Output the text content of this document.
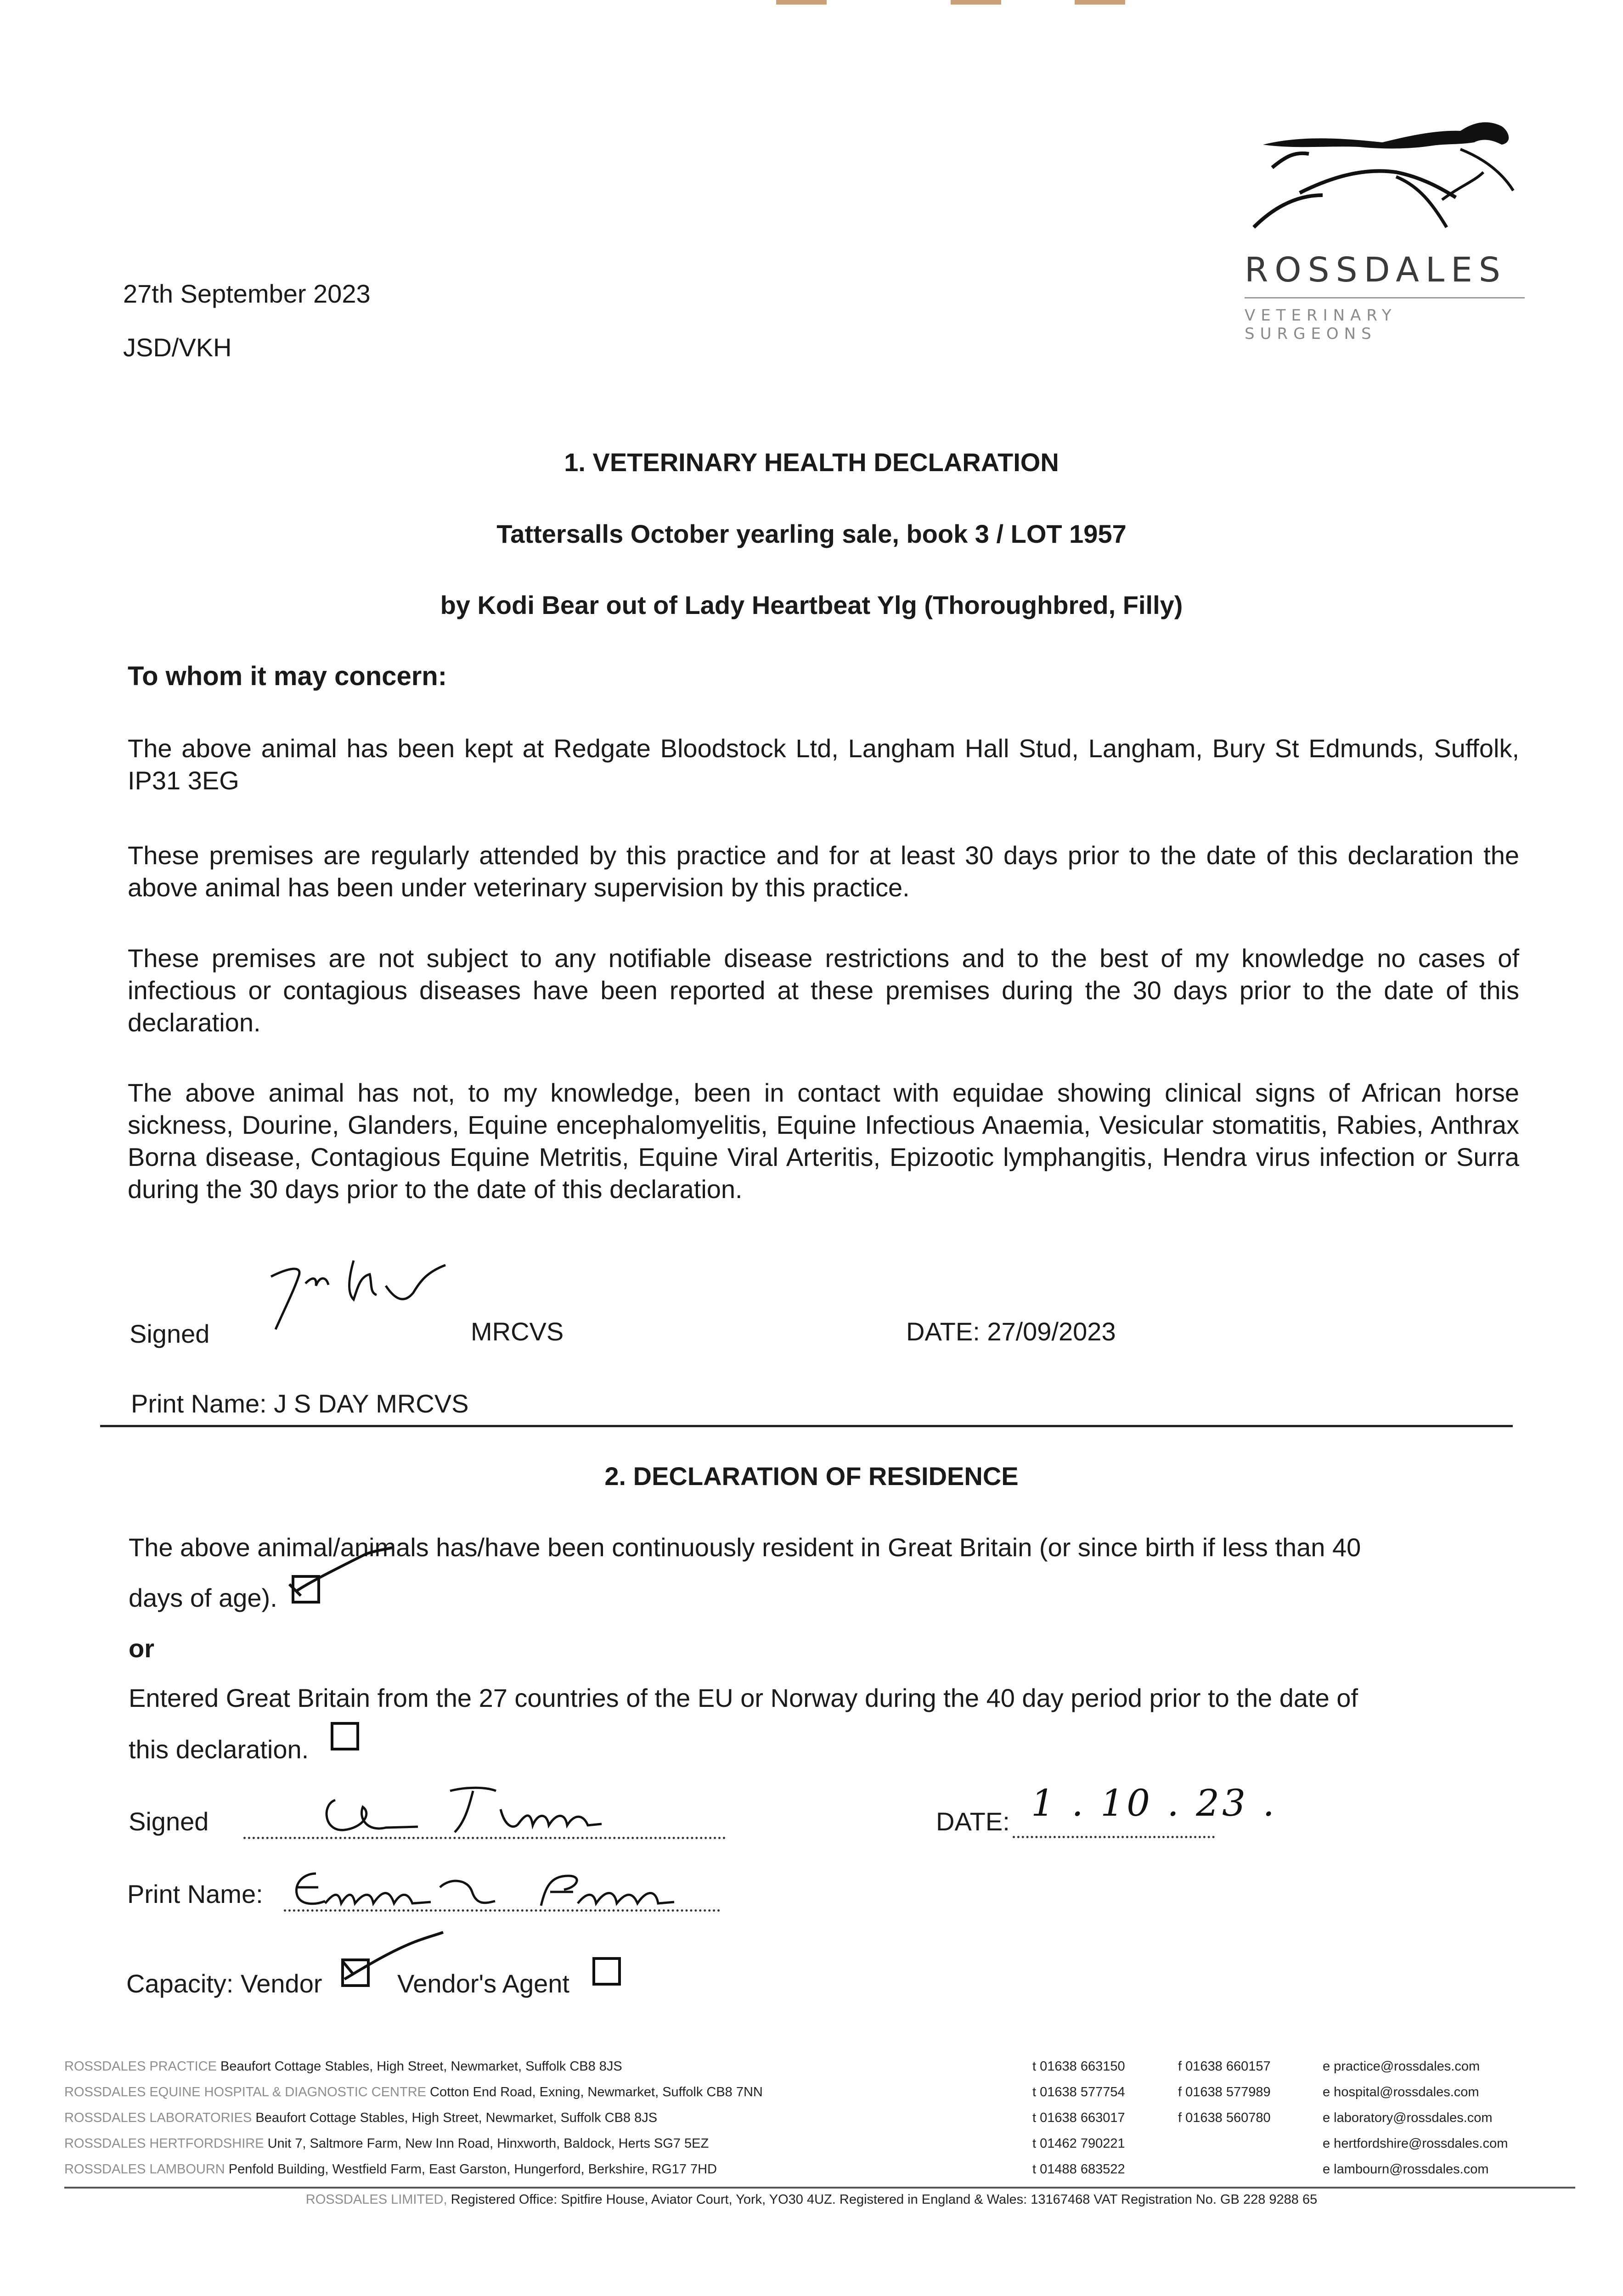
27th September 2023
JSD/VKH
ROSSDALES
VETERINARY SURGEONS
1. VETERINARY HEALTH DECLARATION
Tattersalls October yearling sale, book 3 / LOT 1957
by Kodi Bear out of Lady Heartbeat Ylg (Thoroughbred, Filly)
To whom it may concern:
The above animal has been kept at Redgate Bloodstock Ltd, Langham Hall Stud, Langham, Bury St Edmunds, Suffolk, IP31 3EG
These premises are regularly attended by this practice and for at least 30 days prior to the date of this declaration the above animal has been under veterinary supervision by this practice.
These premises are not subject to any notifiable disease restrictions and to the best of my knowledge no cases of infectious or contagious diseases have been reported at these premises during the 30 days prior to the date of this declaration.
The above animal has not, to my knowledge, been in contact with equidae showing clinical signs of African horse sickness, Dourine, Glanders, Equine encephalomyelitis, Equine Infectious Anaemia, Vesicular stomatitis, Rabies, Anthrax Borna disease, Contagious Equine Metritis, Equine Viral Arteritis, Epizootic lymphangitis, Hendra virus infection or Surra during the 30 days prior to the date of this declaration.
Signed	MRCVS	DATE: 27/09/2023
Print Name: J S DAY MRCVS
2. DECLARATION OF RESIDENCE
The above animal/animals has/have been continuously resident in Great Britain (or since birth if less than 40
days of age).
or
Entered Great Britain from the 27 countries of the EU or Norway during the 40 day period prior to the date of
this declaration.
Signed	DATE: 1 . 10 . 23 .
Print Name:
Capacity: Vendor	Vendor's Agent
ROSSDALES PRACTICE Beaufort Cottage Stables, High Street, Newmarket, Suffolk CB8 8JS	t 01638 663150	f 01638 660157	e practice@rossdales.com
ROSSDALES EQUINE HOSPITAL & DIAGNOSTIC CENTRE Cotton End Road, Exning, Newmarket, Suffolk CB8 7NN	t 01638 577754	f 01638 577989	e hospital@rossdales.com
ROSSDALES LABORATORIES Beaufort Cottage Stables, High Street, Newmarket, Suffolk CB8 8JS	t 01638 663017	f 01638 560780	e laboratory@rossdales.com
ROSSDALES HERTFORDSHIRE Unit 7, Saltmore Farm, New Inn Road, Hinxworth, Baldock, Herts SG7 5EZ	t 01462 790221	e hertfordshire@rossdales.com
ROSSDALES LAMBOURN Penfold Building, Westfield Farm, East Garston, Hungerford, Berkshire, RG17 7HD	t 01488 683522	e lambourn@rossdales.com
ROSSDALES LIMITED, Registered Office: Spitfire House, Aviator Court, York, YO30 4UZ. Registered in England & Wales: 13167468 VAT Registration No. GB 228 9288 65
